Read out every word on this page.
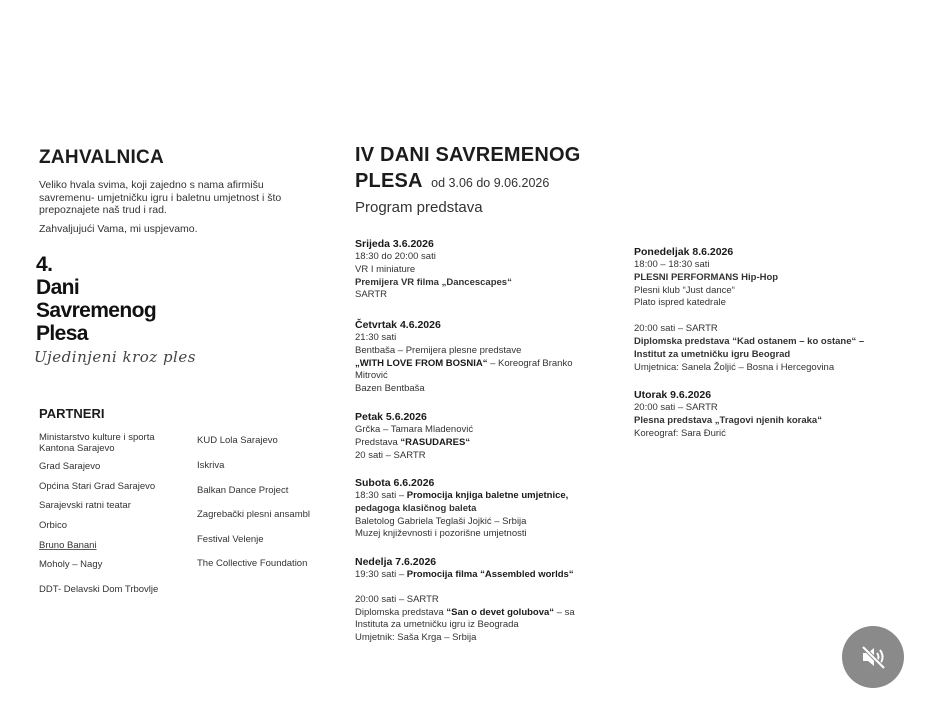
ZAHVALNICA
Veliko hvala svima, koji zajedno s nama afirmišu savremenu- umjetničku igru i baletnu umjetnost i što prepoznajete naš trud i rad.
Zahvaljujući Vama, mi uspjevamo.
4.
Dani
Savremenog
Plesa
Ujedinjeni kroz ples
PARTNERI
Ministarstvo kulture i sporta Kantona Sarajevo
Grad Sarajevo
Općina Stari Grad Sarajevo
Sarajevski ratni teatar
Orbico
Bruno Banani
Moholy – Nagy
DDT- Delavski Dom Trbovlje
KUD Lola Sarajevo
Iskriva
Balkan Dance Project
Zagrebački plesni ansambl
Festival Velenje
The Collective Foundation
IV DANI SAVREMENOG
PLESA od 3.06 do 9.06.2026
Program predstava
Srijeda 3.6.2026
18:30 do 20:00 sati
VR I miniature
Premijera VR filma „Dancescapes“
SARTR
Četvrtak 4.6.2026
21:30 sati
Bentbaša – Premijera plesne predstave
„WITH LOVE FROM BOSNIA“ – Koreograf Branko
Mitrović
Bazen Bentbaša
Petak 5.6.2026
Grčka – Tamara Mladenović
Predstava “RASUDARES“
20 sati – SARTR
Subota 6.6.2026
18:30 sati – Promocija knjiga baletne umjetnice,
pedagoga klasičnog baleta
Baletolog Gabriela Teglaši Jojkić – Srbija
Muzej književnosti i pozorišne umjetnosti
Nedelja 7.6.2026
19:30 sati – Promocija filma “Assembled worlds“
20:00 sati – SARTR
Diplomska predstava “San o devet golubova“ – sa
Instituta za umetničku igru iz Beograda
Umjetnik: Saša Krga – Srbija
Ponedeljak 8.6.2026
18:00 – 18:30 sati
PLESNI PERFORMANS Hip-Hop
Plesni klub “Just dance“
Plato ispred katedrale
20:00 sati – SARTR
Diplomska predstava “Kad ostanem – ko ostane“ –
Institut za umetničku igru Beograd
Umjetnica: Sanela Žoljić – Bosna i Hercegovina
Utorak 9.6.2026
20:00 sati – SARTR
Plesna predstava „Tragovi njenih koraka“
Koreograf: Sara Đurić
